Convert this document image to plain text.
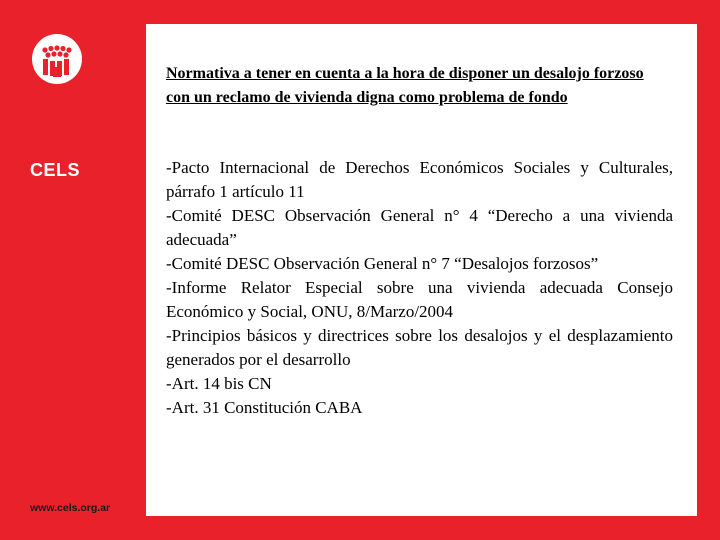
CELS
www.cels.org.ar
Normativa a tener en cuenta a la hora de disponer un desalojo forzoso con un reclamo de vivienda digna como problema de fondo

-Pacto Internacional de Derechos Económicos Sociales y Culturales, párrafo 1 artículo 11

-Comité DESC Observación General n° 4 “Derecho a una vivienda adecuada”

-Comité DESC Observación General n° 7 “Desalojos forzosos”

-Informe Relator Especial sobre una vivienda adecuada Consejo Económico y Social, ONU, 8/Marzo/2004

-Principios básicos y directrices sobre los desalojos y el desplazamiento generados por el desarrollo

-Art. 14 bis CN

-Art. 31 Constitución CABA
